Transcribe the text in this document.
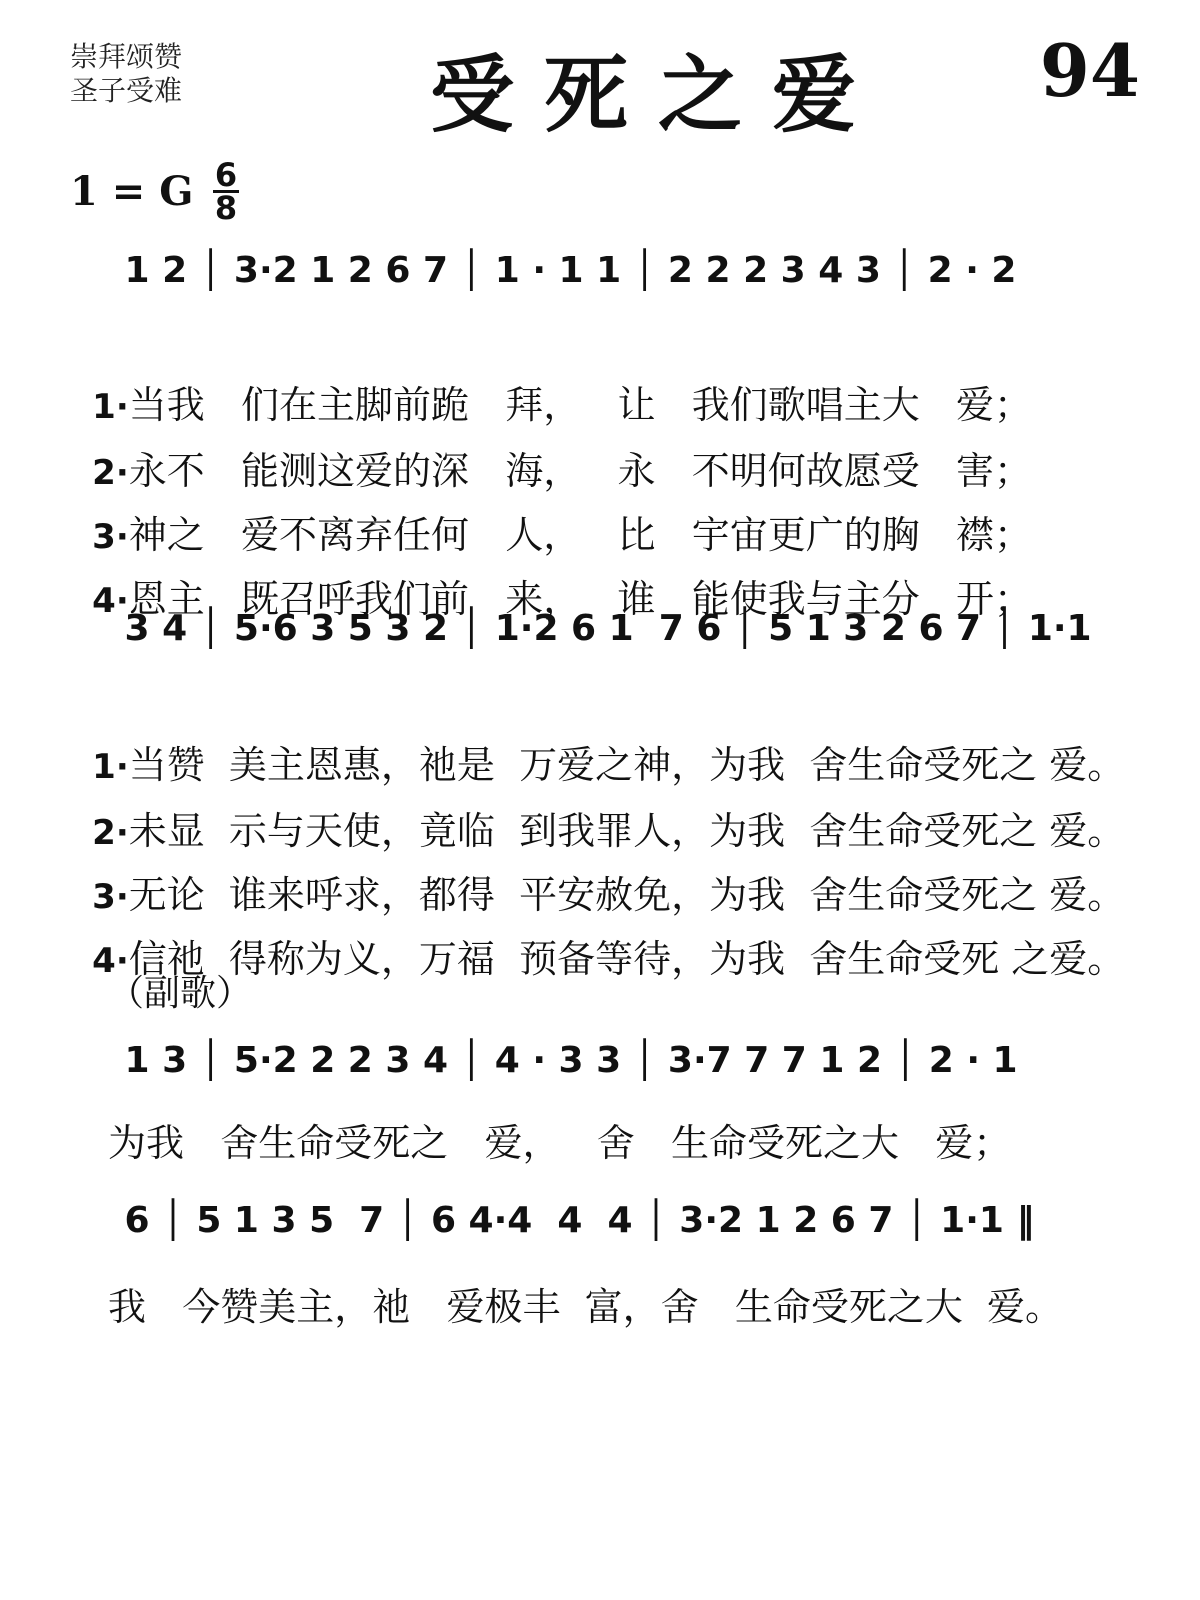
崇拜颂赞
圣子受难	受死之爱 94
1 = G 6
8
1 2 │ 3·2 1 2 6 7 │ 1 · 1 1 │ 2 2 2 3 4 3 │ 2 · 2

1·当我   们在主脚前跪   拜，   让   我们歌唱主大   爱；

2·永不   能测这爱的深   海，   永   不明何故愿受   害；

3·神之   爱不离弃任何   人，   比   宇宙更广的胸   襟；

4·恩主   既召呼我们前   来，   谁   能使我与主分   开；

3 4 │ 5·6 3 5 3 2 │ 1·2 6 1  7 6 │ 5 1 3 2 6 7 │ 1·1

1·当赞  美主恩惠，祂是  万爱之神，为我  舍生命受死之 爱。

2·未显  示与天使，竟临  到我罪人，为我  舍生命受死之 爱。

3·无论  谁来呼求，都得  平安赦免，为我  舍生命受死之 爱。

4·信祂  得称为义，万福  预备等待，为我  舍生命受死 之爱。

（副歌）
1 3 │ 5·2 2 2 3 4 │ 4 · 3 3 │ 3·7 7 7 1 2 │ 2 · 1
为我   舍生命受死之   爱，   舍   生命受死之大   爱；
6 │ 5 1 3 5  7 │ 6 4·4  4  4 │ 3·2 1 2 6 7 │ 1·1 ‖
我   今赞美主，祂   爱极丰  富，舍   生命受死之大  爱。
